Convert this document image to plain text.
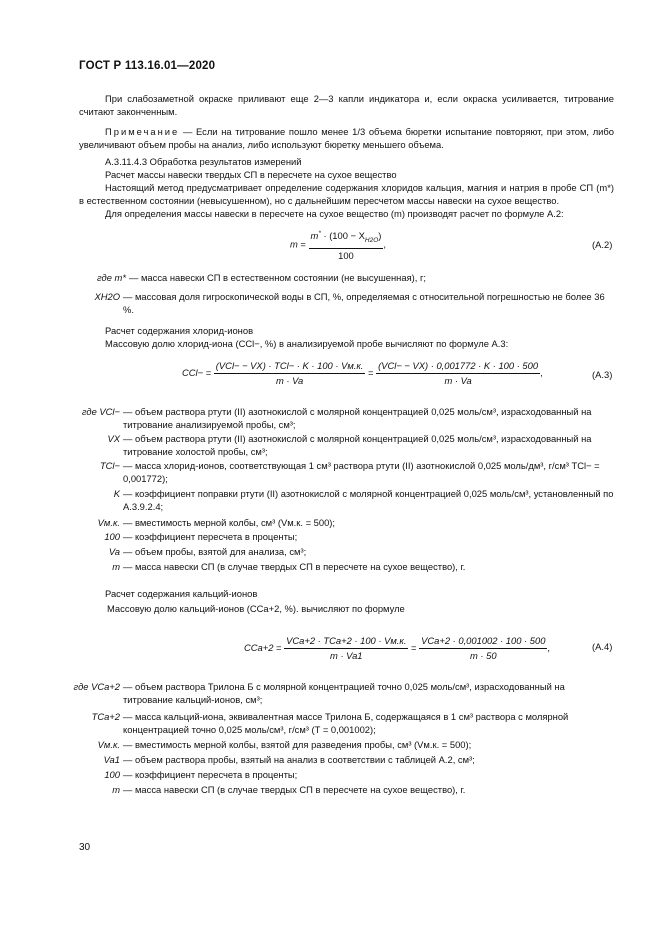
ГОСТ Р 113.16.01—2020
При слабозаметной окраске приливают еще 2—3 капли индикатора и, если окраска усиливается, титрование считают законченным.
Примечание — Если на титрование пошло менее 1/3 объема бюретки испытание повторяют, при этом, либо увеличивают объем пробы на анализ, либо используют бюретку меньшего объема.
А.3.11.4.3 Обработка результатов измерений
Расчет массы навески твердых СП в пересчете на сухое вещество
Настоящий метод предусматривает определение содержания хлоридов кальция, магния и натрия в пробе СП (m*) в естественном состоянии (невысушенном), но с дальнейшим пересчетом массы навески на сухое вещество.
Для определения массы навески в пересчете на сухое вещество (m) производят расчет по формуле А.2:
$m = \frac{m^* \cdot (100 - X_{H2O})}{100}$ ,	(А.2)
где m* — масса навески СП в естественном состоянии (не высушенная), г;
XH2O — массовая доля гигроскопической воды в СП, %, определяемая с относительной погрешностью не более 36 %.
Расчет содержания хлорид-ионов
Массовую долю хлорид-иона (CCl−, %) в анализируемой пробе вычисляют по формуле А.3:
$CCl- = \frac{\text{(VCl− − VX) · TCl− · K · 100 · Vм.к.}}{m \cdot Va} = \frac{\text{(VCl− − VX) · 0,001772 · K · 100 · 500}}{m \cdot Va}$ ,	(А.3)
где VCl− — объем раствора ртути (II) азотнокислой с молярной концентрацией 0,025 моль/см³, израсходованный на титрование анализируемой пробы, см³;
VX — объем раствора ртути (II) азотнокислой с молярной концентрацией 0,025 моль/см³, израсходованный на титрование холостой пробы, см³;
TCl− — масса хлорид-ионов, соответствующая 1 см³ раствора ртути (II) азотнокислой 0,025 моль/дм³, г/см³ TCl− = 0,001772);
K — коэффициент поправки ртути (II) азотнокислой с молярной концентрацией 0,025 моль/см³, установленный по А.3.9.2.4;
Vм.к. — вместимость мерной колбы, см³ (Vм.к. = 500);
100 — коэффициент пересчета в проценты;
Va — объем пробы, взятой для анализа, см³;
m — масса навески СП (в случае твердых СП в пересчете на сухое вещество), г.
Расчет содержания кальций-ионов
Массовую долю кальций-ионов (CCa+2, %). вычисляют по формуле
$CCa+2 = \frac{\text{VCa+2 · TCa+2 · 100 · Vм.к.}}{m \cdot Va1} = \frac{\text{VCa+2 · 0,001002 · 100 · 500}}{m \cdot 50}$ ,	(А.4)
где VCa+2 — объем раствора Трилона Б с молярной концентрацией точно 0,025 моль/см³, израсходованный на титрование кальций-ионов, см³;
TCa+2 — масса кальций-иона, эквивалентная массе Трилона Б, содержащаяся в 1 см³ раствора с молярной концентрацией точно 0,025 моль/см³, г/см³ (T = 0,001002);
Vм.к. — вместимость мерной колбы, взятой для разведения пробы, см³ (Vм.к. = 500);
Va1 — объем раствора пробы, взятый на анализ в соответствии с таблицей А.2, см³;
100 — коэффициент пересчета в проценты;
m — масса навески СП (в случае твердых СП в пересчете на сухое вещество), г.
30
